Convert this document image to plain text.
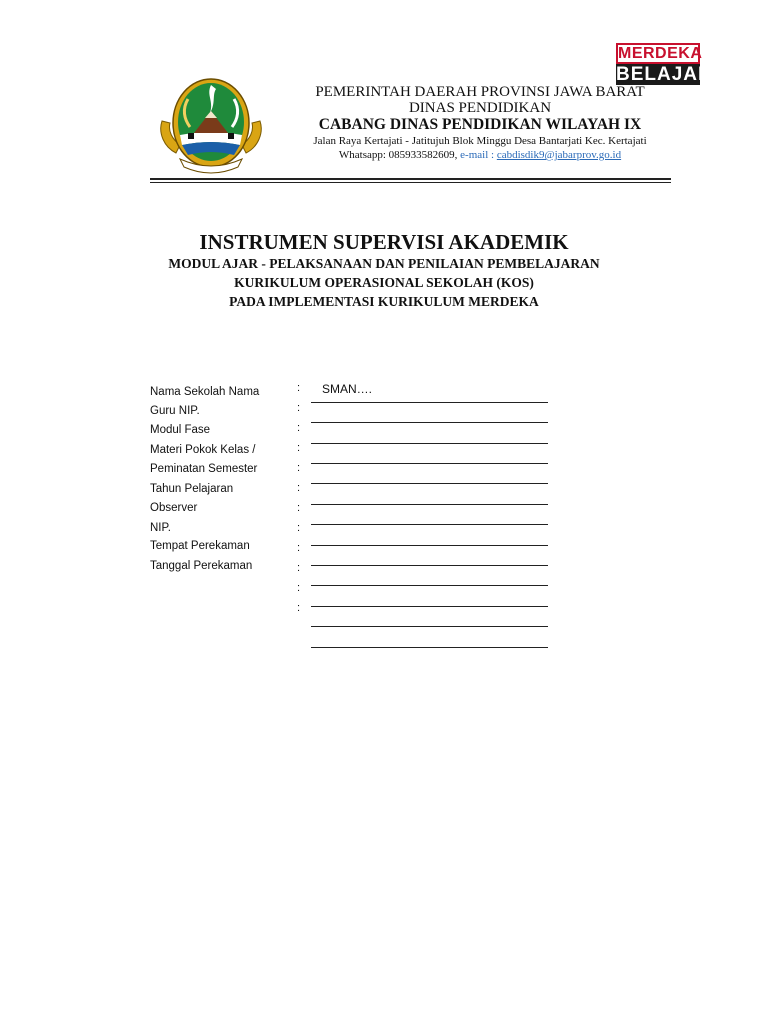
MERDEKA
BELAJAR
PEMERINTAH DAERAH PROVINSI JAWA BARAT
DINAS PENDIDIKAN
CABANG DINAS PENDIDIKAN WILAYAH IX
Jalan Raya Kertajati - Jatitujuh Blok Minggu Desa Bantarjati Kec. Kertajati
Whatsapp: 085933582609, e-mail : cabdisdik9@jabarprov.go.id
INSTRUMEN SUPERVISI AKADEMIK
MODUL AJAR - PELAKSANAAN DAN PENILAIAN PEMBELAJARAN
KURIKULUM OPERASIONAL SEKOLAH (KOS)
PADA IMPLEMENTASI KURIKULUM MERDEKA
Nama Sekolah Nama
Guru NIP.
Modul Fase
Materi Pokok Kelas /
Peminatan Semester
Tahun Pelajaran
Observer
NIP.
Tempat Perekaman
Tanggal Perekaman
:
:
:
:
:
:
:
:
:
:
:
:
SMAN….
